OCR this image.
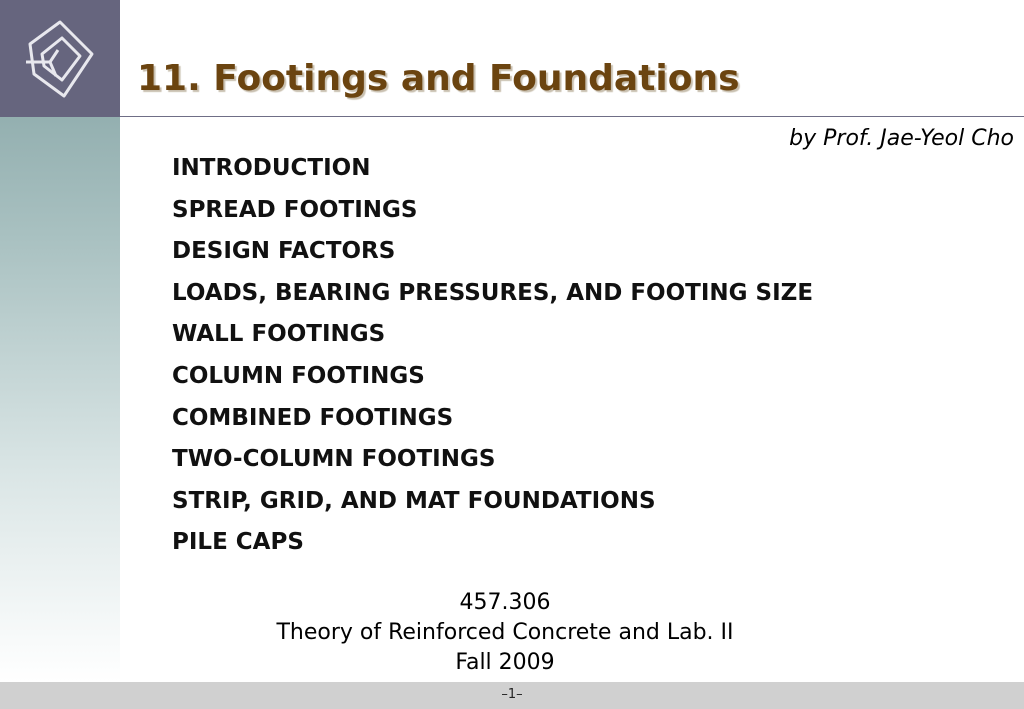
11. Footings and Foundations
by Prof. Jae-Yeol Cho
INTRODUCTION
SPREAD FOOTINGS
DESIGN FACTORS
LOADS, BEARING PRESSURES, AND FOOTING SIZE
WALL FOOTINGS
COLUMN FOOTINGS
COMBINED FOOTINGS
TWO-COLUMN FOOTINGS
STRIP, GRID, AND MAT FOUNDATIONS
PILE CAPS
457.306
Theory of Reinforced Concrete and Lab. II
Fall 2009
–1–
